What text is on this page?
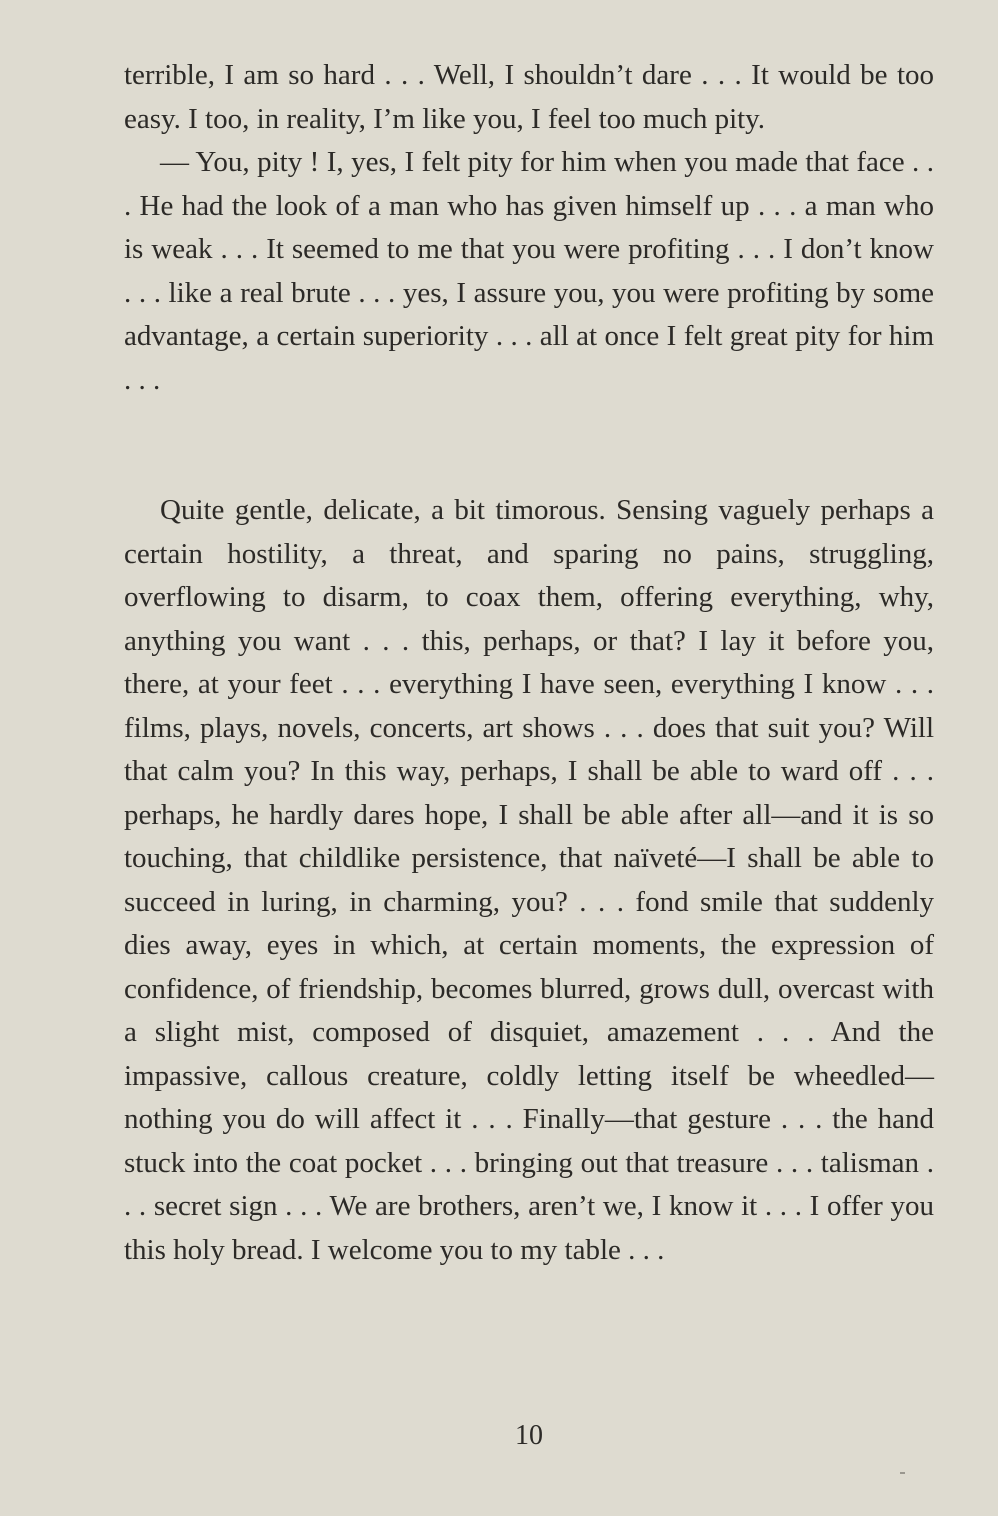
terrible, I am so hard . . . Well, I shouldn’t dare . . . It would be too easy. I too, in reality, I’m like you, I feel too much pity.

— You, pity ! I, yes, I felt pity for him when you made that face . . . He had the look of a man who has given himself up . . . a man who is weak . . . It seemed to me that you were profiting . . . I don’t know . . . like a real brute . . . yes, I assure you, you were profiting by some advantage, a certain superiority . . . all at once I felt great pity for him . . .

Quite gentle, delicate, a bit timorous. Sensing vaguely perhaps a certain hostility, a threat, and sparing no pains, struggling, overflowing to disarm, to coax them, offering everything, why, anything you want . . . this, perhaps, or that? I lay it before you, there, at your feet . . . everything I have seen, everything I know . . . films, plays, novels, concerts, art shows . . . does that suit you? Will that calm you? In this way, perhaps, I shall be able to ward off . . . perhaps, he hardly dares hope, I shall be able after all—and it is so touching, that childlike persistence, that naïveté—I shall be able to succeed in luring, in charming, you? . . . fond smile that suddenly dies away, eyes in which, at certain moments, the expression of confidence, of friendship, becomes blurred, grows dull, overcast with a slight mist, composed of disquiet, amazement . . . And the impassive, callous creature, coldly letting itself be wheedled—nothing you do will affect it . . . Finally—that gesture . . . the hand stuck into the coat pocket . . . bringing out that treasure . . . talisman . . . secret sign . . . We are brothers, aren’t we, I know it . . . I offer you this holy bread. I welcome you to my table . . .

10
